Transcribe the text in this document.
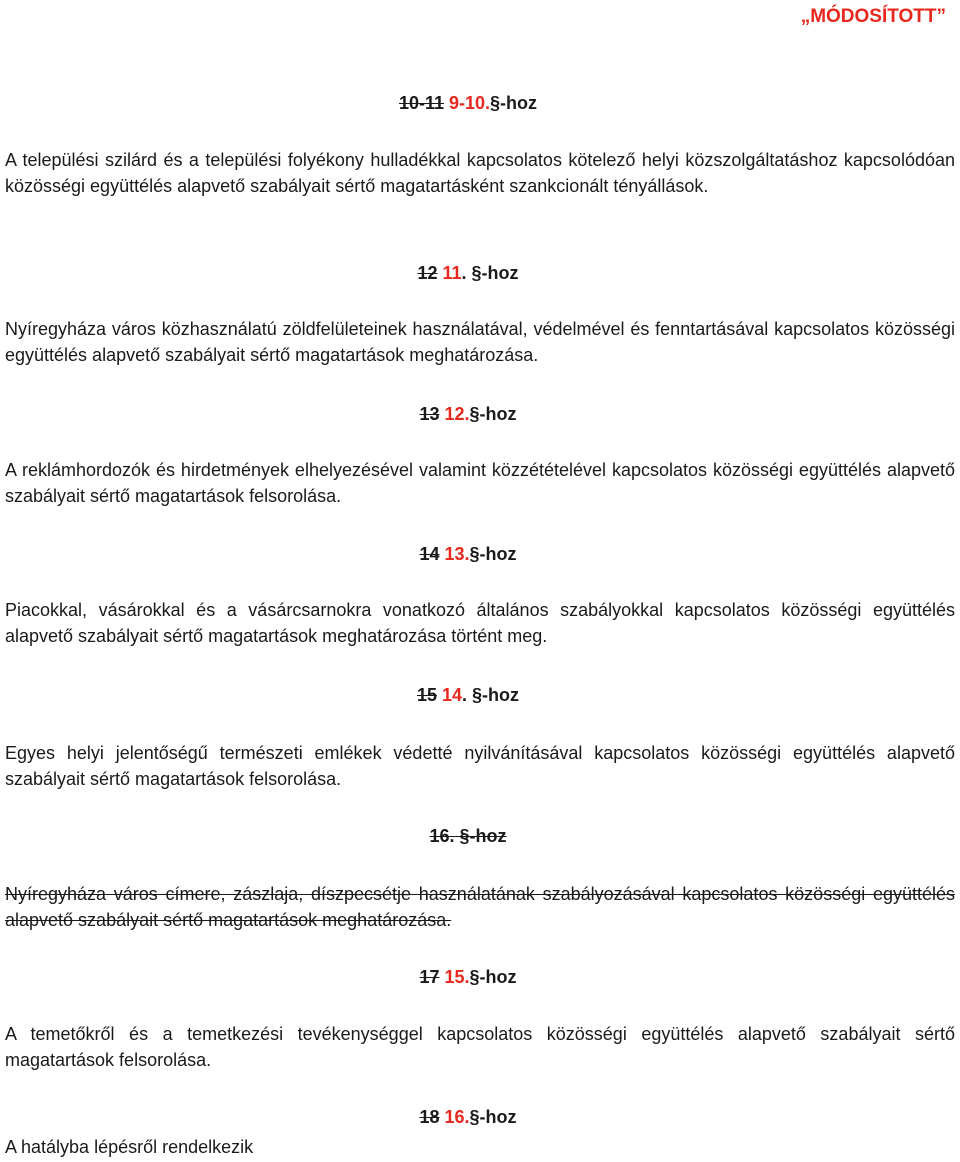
„MÓDOSÍTOTT”
10-11 9-10.§-hoz
A települési szilárd és a települési folyékony hulladékkal kapcsolatos kötelező helyi közszolgáltatáshoz kapcsolódóan közösségi együttélés alapvető szabályait sértő magatartásként szankcionált tényállások.
12 11. §-hoz
Nyíregyháza város közhasználatú zöldfelületeinek használatával, védelmével és fenntartásával kapcsolatos közösségi együttélés alapvető szabályait sértő magatartások meghatározása.
13 12.§-hoz
A reklámhordozók és hirdetmények elhelyezésével valamint közzétételével kapcsolatos közösségi együttélés alapvető szabályait sértő magatartások felsorolása.
14 13.§-hoz
Piacokkal, vásárokkal és a vásárcsarnokra vonatkozó általános szabályokkal kapcsolatos közösségi együttélés alapvető szabályait sértő magatartások meghatározása történt meg.
15 14. §-hoz
Egyes helyi jelentőségű természeti emlékek védetté nyilvánításával kapcsolatos közösségi együttélés alapvető szabályait sértő magatartások felsorolása.
16. §-hoz
Nyíregyháza város címere, zászlaja, díszpecsétje használatának szabályozásával kapcsolatos közösségi együttélés alapvető szabályait sértő magatartások meghatározása.
17 15.§-hoz
A temetőkről és a temetkezési tevékenységgel kapcsolatos közösségi együttélés alapvető szabályait sértő magatartások felsorolása.
18 16.§-hoz
A hatályba lépésről rendelkezik
